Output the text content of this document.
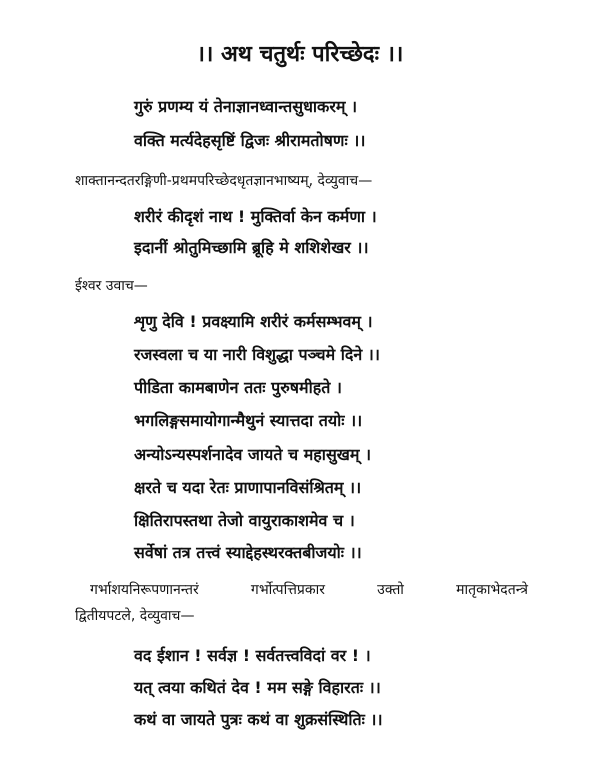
।। अथ चतुर्थः परिच्छेदः ।।
गुरुं प्रणम्य यं तेनाज्ञानध्वान्तसुधाकरम् ।
वक्ति मर्त्यदेहसृष्टिं द्विजः श्रीरामतोषणः ।।
शाक्तानन्दतरङ्गिणी-प्रथमपरिच्छेदधृतज्ञानभाष्यम्, देव्युवाच—
शरीरं कीदृशं नाथ ! मुक्तिर्वा केन कर्मणा ।
इदानीं श्रोतुमिच्छामि ब्रूहि मे शशिशेखर ।।
ईश्वर उवाच—
शृणु देवि ! प्रवक्ष्यामि शरीरं कर्मसम्भवम् ।
रजस्वला च या नारी विशुद्धा पञ्चमे दिने ।।
पीडिता कामबाणेन ततः पुरुषमीहते ।
भगलिङ्गसमायोगान्मैथुनं स्यात्तदा तयोः ।।
अन्योऽन्यस्पर्शनादेव जायते च महासुखम् ।
क्षरते च यदा रेतः प्राणापानविसंश्रितम् ।।
क्षितिरापस्तथा तेजो वायुराकाशमेव च ।
सर्वेषां तत्र तत्त्वं स्याद्देहस्थरक्तबीजयोः ।।
गर्भाशयनिरूपणानन्तरं गर्भोत्पत्तिप्रकार उक्तो मातृकाभेदतन्त्रे
द्वितीयपटले, देव्युवाच—
वद ईशान ! सर्वज्ञ ! सर्वतत्त्वविदां वर ! ।
यत् त्वया कथितं देव ! मम सङ्गे विहारतः ।।
कथं वा जायते पुत्रः कथं वा शुक्रसंस्थितिः ।।
